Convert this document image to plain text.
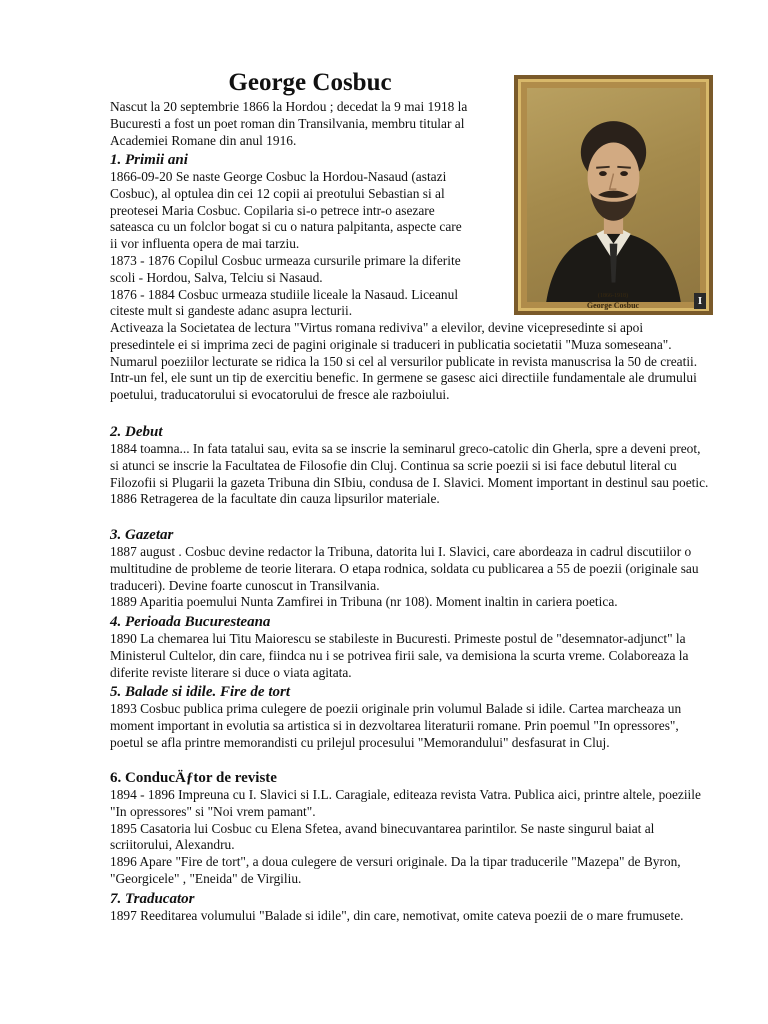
George Cosbuc
(1866-1918)
George Cosbuc	I

Nascut la 20 septembrie 1866 la Hordou ; decedat la 9 mai 1918 la Bucuresti a fost un poet roman din Transilvania, membru titular al Academiei Romane din anul 1916.

1. Primii ani

1866-09-20 Se naste George Cosbuc la Hordou-Nasaud (astazi Cosbuc), al optulea din cei 12 copii ai preotului Sebastian si al preotesei Maria Cosbuc. Copilaria si-o petrece intr-o asezare sateasca cu un folclor bogat si cu o natura palpitanta, aspecte care ii vor influenta opera de mai tarziu.

1873 - 1876 Copilul Cosbuc urmeaza cursurile primare la diferite scoli - Hordou, Salva, Telciu si Nasaud.

1876 - 1884 Cosbuc urmeaza studiile liceale la Nasaud. Liceanul citeste mult si gandeste adanc asupra lecturii.

Activeaza la Societatea de lectura "Virtus romana rediviva" a elevilor, devine vicepresedinte si apoi presedintele ei si imprima zeci de pagini originale si traduceri in publicatia societatii "Muza someseana". Numarul poeziilor lecturate se ridica la 150 si cel al versurilor publicate in revista manuscrisa la 50 de creatii. Intr-un fel, ele sunt un tip de exercitiu benefic. In germene se gasesc aici directiile fundamentale ale drumului poetului, traducatorului si evocatorului de fresce ale razboiului.

2. Debut

1884 toamna... In fata tatalui sau, evita sa se inscrie la seminarul greco-catolic din Gherla, spre a deveni preot, si atunci se inscrie la Facultatea de Filosofie din Cluj. Continua sa scrie poezii si isi face debutul literal cu Filozofii si Plugarii la gazeta Tribuna din SIbiu, condusa de I. Slavici. Moment important in destinul sau poetic.

1886 Retragerea de la facultate din cauza lipsurilor materiale.

3. Gazetar

1887 august . Cosbuc devine redactor la Tribuna, datorita lui I. Slavici, care abordeaza in cadrul discutiilor o multitudine de probleme de teorie literara. O etapa rodnica, soldata cu publicarea a 55 de poezii (originale sau traduceri). Devine foarte cunoscut in Transilvania.

1889 Aparitia poemului Nunta Zamfirei in Tribuna (nr 108). Moment inaltin in cariera poetica.

4. Perioada Bucuresteana

1890 La chemarea lui Titu Maiorescu se stabileste in Bucuresti. Primeste postul de "desemnator-adjunct" la Ministerul Cultelor, din care, fiindca nu i se potrivea firii sale, va demisiona la scurta vreme. Colaboreaza la diferite reviste literare si duce o viata agitata.

5. Balade si idile. Fire de tort

1893 Cosbuc publica prima culegere de poezii originale prin volumul Balade si idile. Cartea marcheaza un moment important in evolutia sa artistica si in dezvoltarea literaturii romane. Prin poemul "In opressores", poetul se afla printre memorandisti cu prilejul procesului "Memorandului" desfasurat in Cluj.

6. ConducÄƒtor de reviste

1894 - 1896 Impreuna cu I. Slavici si I.L. Caragiale, editeaza revista Vatra. Publica aici, printre altele, poeziile "In opressores" si "Noi vrem pamant".

1895 Casatoria lui Cosbuc cu Elena Sfetea, avand binecuvantarea parintilor. Se naste singurul baiat al scriitorului, Alexandru.

1896 Apare "Fire de tort", a doua culegere de versuri originale. Da la tipar traducerile "Mazepa" de Byron, "Georgicele" , "Eneida" de Virgiliu.

7. Traducator

1897 Reeditarea volumului "Balade si idile", din care, nemotivat, omite cateva poezii de o mare frumusete.
